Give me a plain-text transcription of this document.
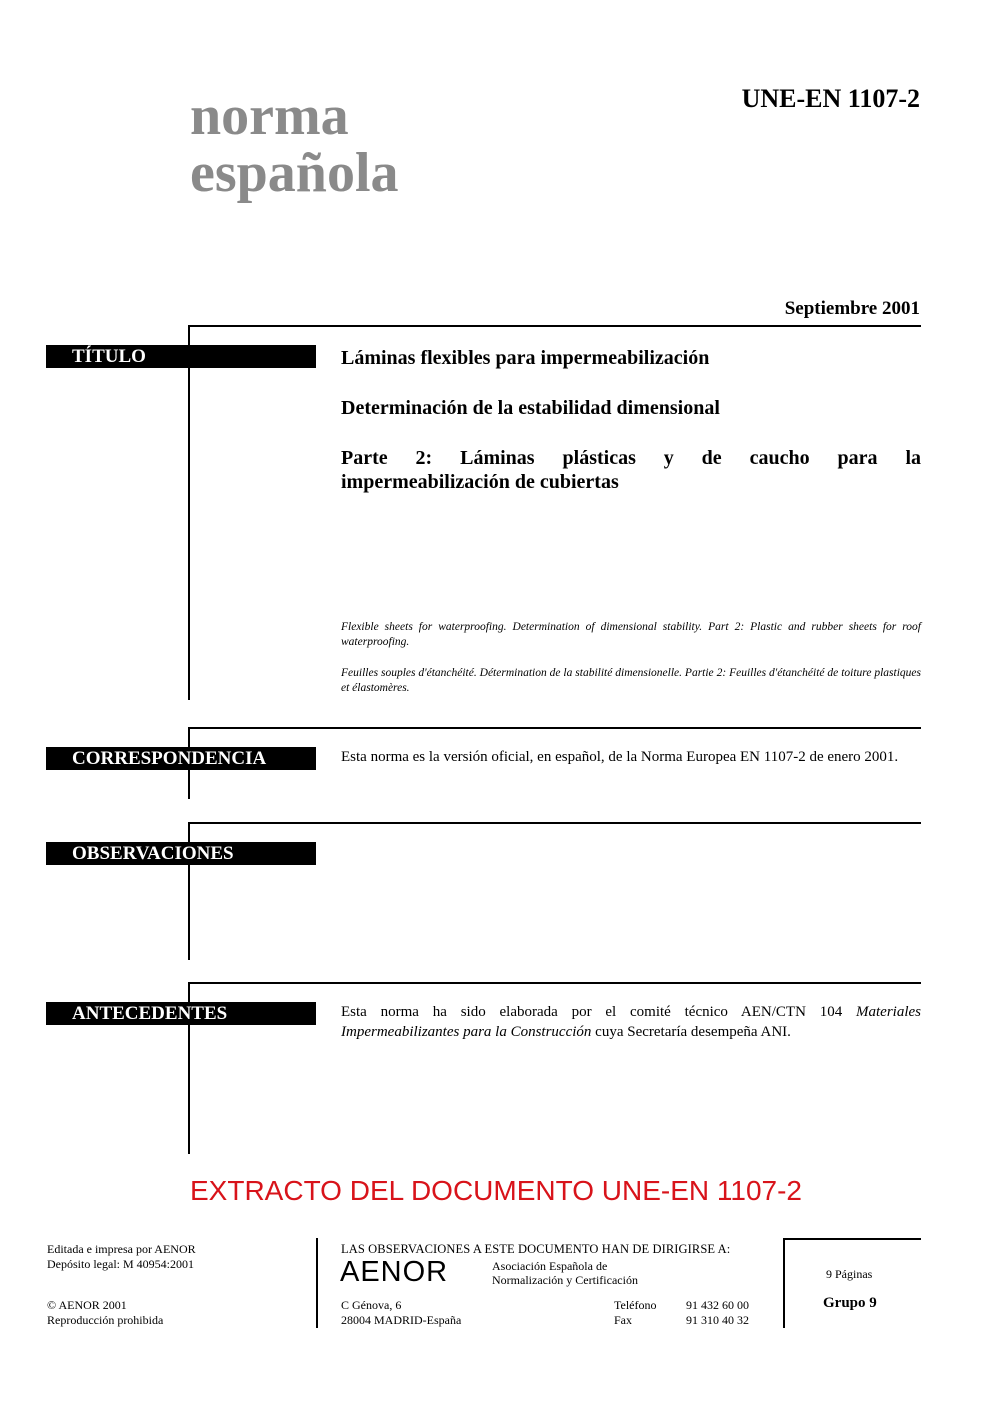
norma
española
UNE-EN 1107-2
Septiembre 2001
TÍTULO	Láminas flexibles para impermeabilización
Determinación de la estabilidad dimensional
Parte 2: Láminas plásticas y de caucho para la
impermeabilización de cubiertas
Flexible sheets for waterproofing. Determination of dimensional stability. Part 2: Plastic and rubber sheets for roof waterproofing.
Feuilles souples d'étanchéité. Détermination de la stabilité dimensionelle. Partie 2: Feuilles d'étanchéité de toiture plastiques et élastomères.
CORRESPONDENCIA	Esta norma es la versión oficial, en español, de la Norma Europea EN 1107-2 de enero 2001.
OBSERVACIONES
ANTECEDENTES	Esta norma ha sido elaborada por el comité técnico AEN/CTN 104 Materiales Impermeabilizantes para la Construcción cuya Secretaría desempeña ANI.
EXTRACTO DEL DOCUMENTO UNE-EN 1107-2
Editada e impresa por AENOR
Depósito legal: M 40954:2001
© AENOR 2001
Reproducción prohibida
LAS OBSERVACIONES A ESTE DOCUMENTO HAN DE DIRIGIRSE A:
AENOR	Asociación Española de
Normalización y Certificación
C Génova, 6
28004 MADRID-España
Teléfono 91 432 60 00
Fax	91 310 40 32
9 Páginas
Grupo 9
